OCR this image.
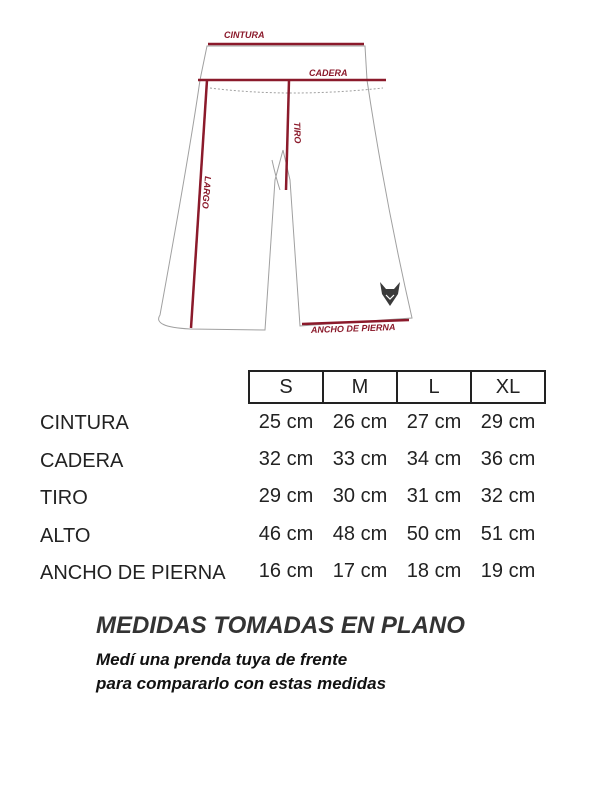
CINTURA
CADERA
TIRO
LARGO
ANCHO DE PIERNA
	S	M	L	XL
CINTURA	25 cm	26 cm	27 cm	29 cm
CADERA	32 cm	33 cm	34 cm	36 cm
TIRO	29 cm	30 cm	31 cm	32 cm
ALTO	46 cm	48 cm	50 cm	51 cm
ANCHO DE PIERNA	16 cm	17 cm	18 cm	19 cm

MEDIDAS TOMADAS EN PLANO

Medí una prenda tuya de frente

para compararlo con estas medidas
